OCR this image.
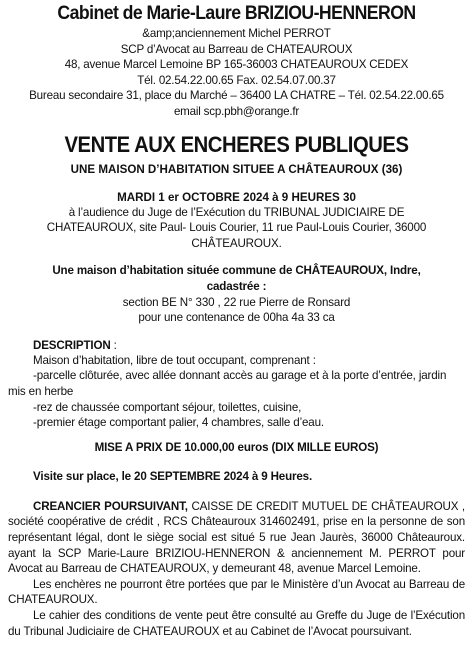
Cabinet de Marie-Laure BRIZIOU-HENNERON
&amp;anciennement Michel PERROT
SCP d’Avocat au Barreau de CHATEAUROUX
48, avenue Marcel Lemoine BP 165-36003 CHATEAUROUX CEDEX
Tél. 02.54.22.00.65 Fax. 02.54.07.00.37
Bureau secondaire 31, place du Marché – 36400 LA CHATRE – Tél. 02.54.22.00.65
email scp.pbh@orange.fr
VENTE AUX ENCHERES PUBLIQUES
UNE MAISON D’HABITATION SITUEE A CHÂTEAUROUX (36)
MARDI 1 er OCTOBRE 2024 à 9 HEURES 30
à l’audience du Juge de l’Exécution du TRIBUNAL JUDICIAIRE DE
CHATEAUROUX, site Paul- Louis Courier, 11 rue Paul-Louis Courier, 36000
CHÂTEAUROUX.
Une maison d’habitation située commune de CHÂTEAUROUX, Indre,
cadastrée :
section BE N° 330 , 22 rue Pierre de Ronsard
pour une contenance de 00ha 4a 33 ca
DESCRIPTION :
Maison d’habitation, libre de tout occupant, comprenant :
-parcelle clôturée, avec allée donnant accès au garage et à la porte d’entrée, jardin mis en herbe
-rez de chaussée comportant séjour, toilettes, cuisine,
-premier étage comportant palier, 4 chambres, salle d’eau.
MISE A PRIX DE 10.000,00 euros (DIX MILLE EUROS)
Visite sur place, le 20 SEPTEMBRE 2024 à 9 Heures.
CREANCIER POURSUIVANT, CAISSE DE CREDIT MUTUEL DE CHÂTEAUROUX , société coopérative de crédit , RCS Châteauroux 314602491, prise en la personne de son représentant légal, dont le siège social est situé 5 rue Jean Jaurès, 36000 Châteauroux. ayant la SCP Marie-Laure BRIZIOU-HENNERON & anciennement M. PERROT pour Avocat au Barreau de CHATEAUROUX, y demeurant 48, avenue Marcel Lemoine.
Les enchères ne pourront être portées que par le Ministère d’un Avocat au Barreau de CHATEAUROUX.
Le cahier des conditions de vente peut être consulté au Greffe du Juge de l’Exécution du Tribunal Judiciaire de CHATEAUROUX et au Cabinet de l’Avocat poursuivant.
